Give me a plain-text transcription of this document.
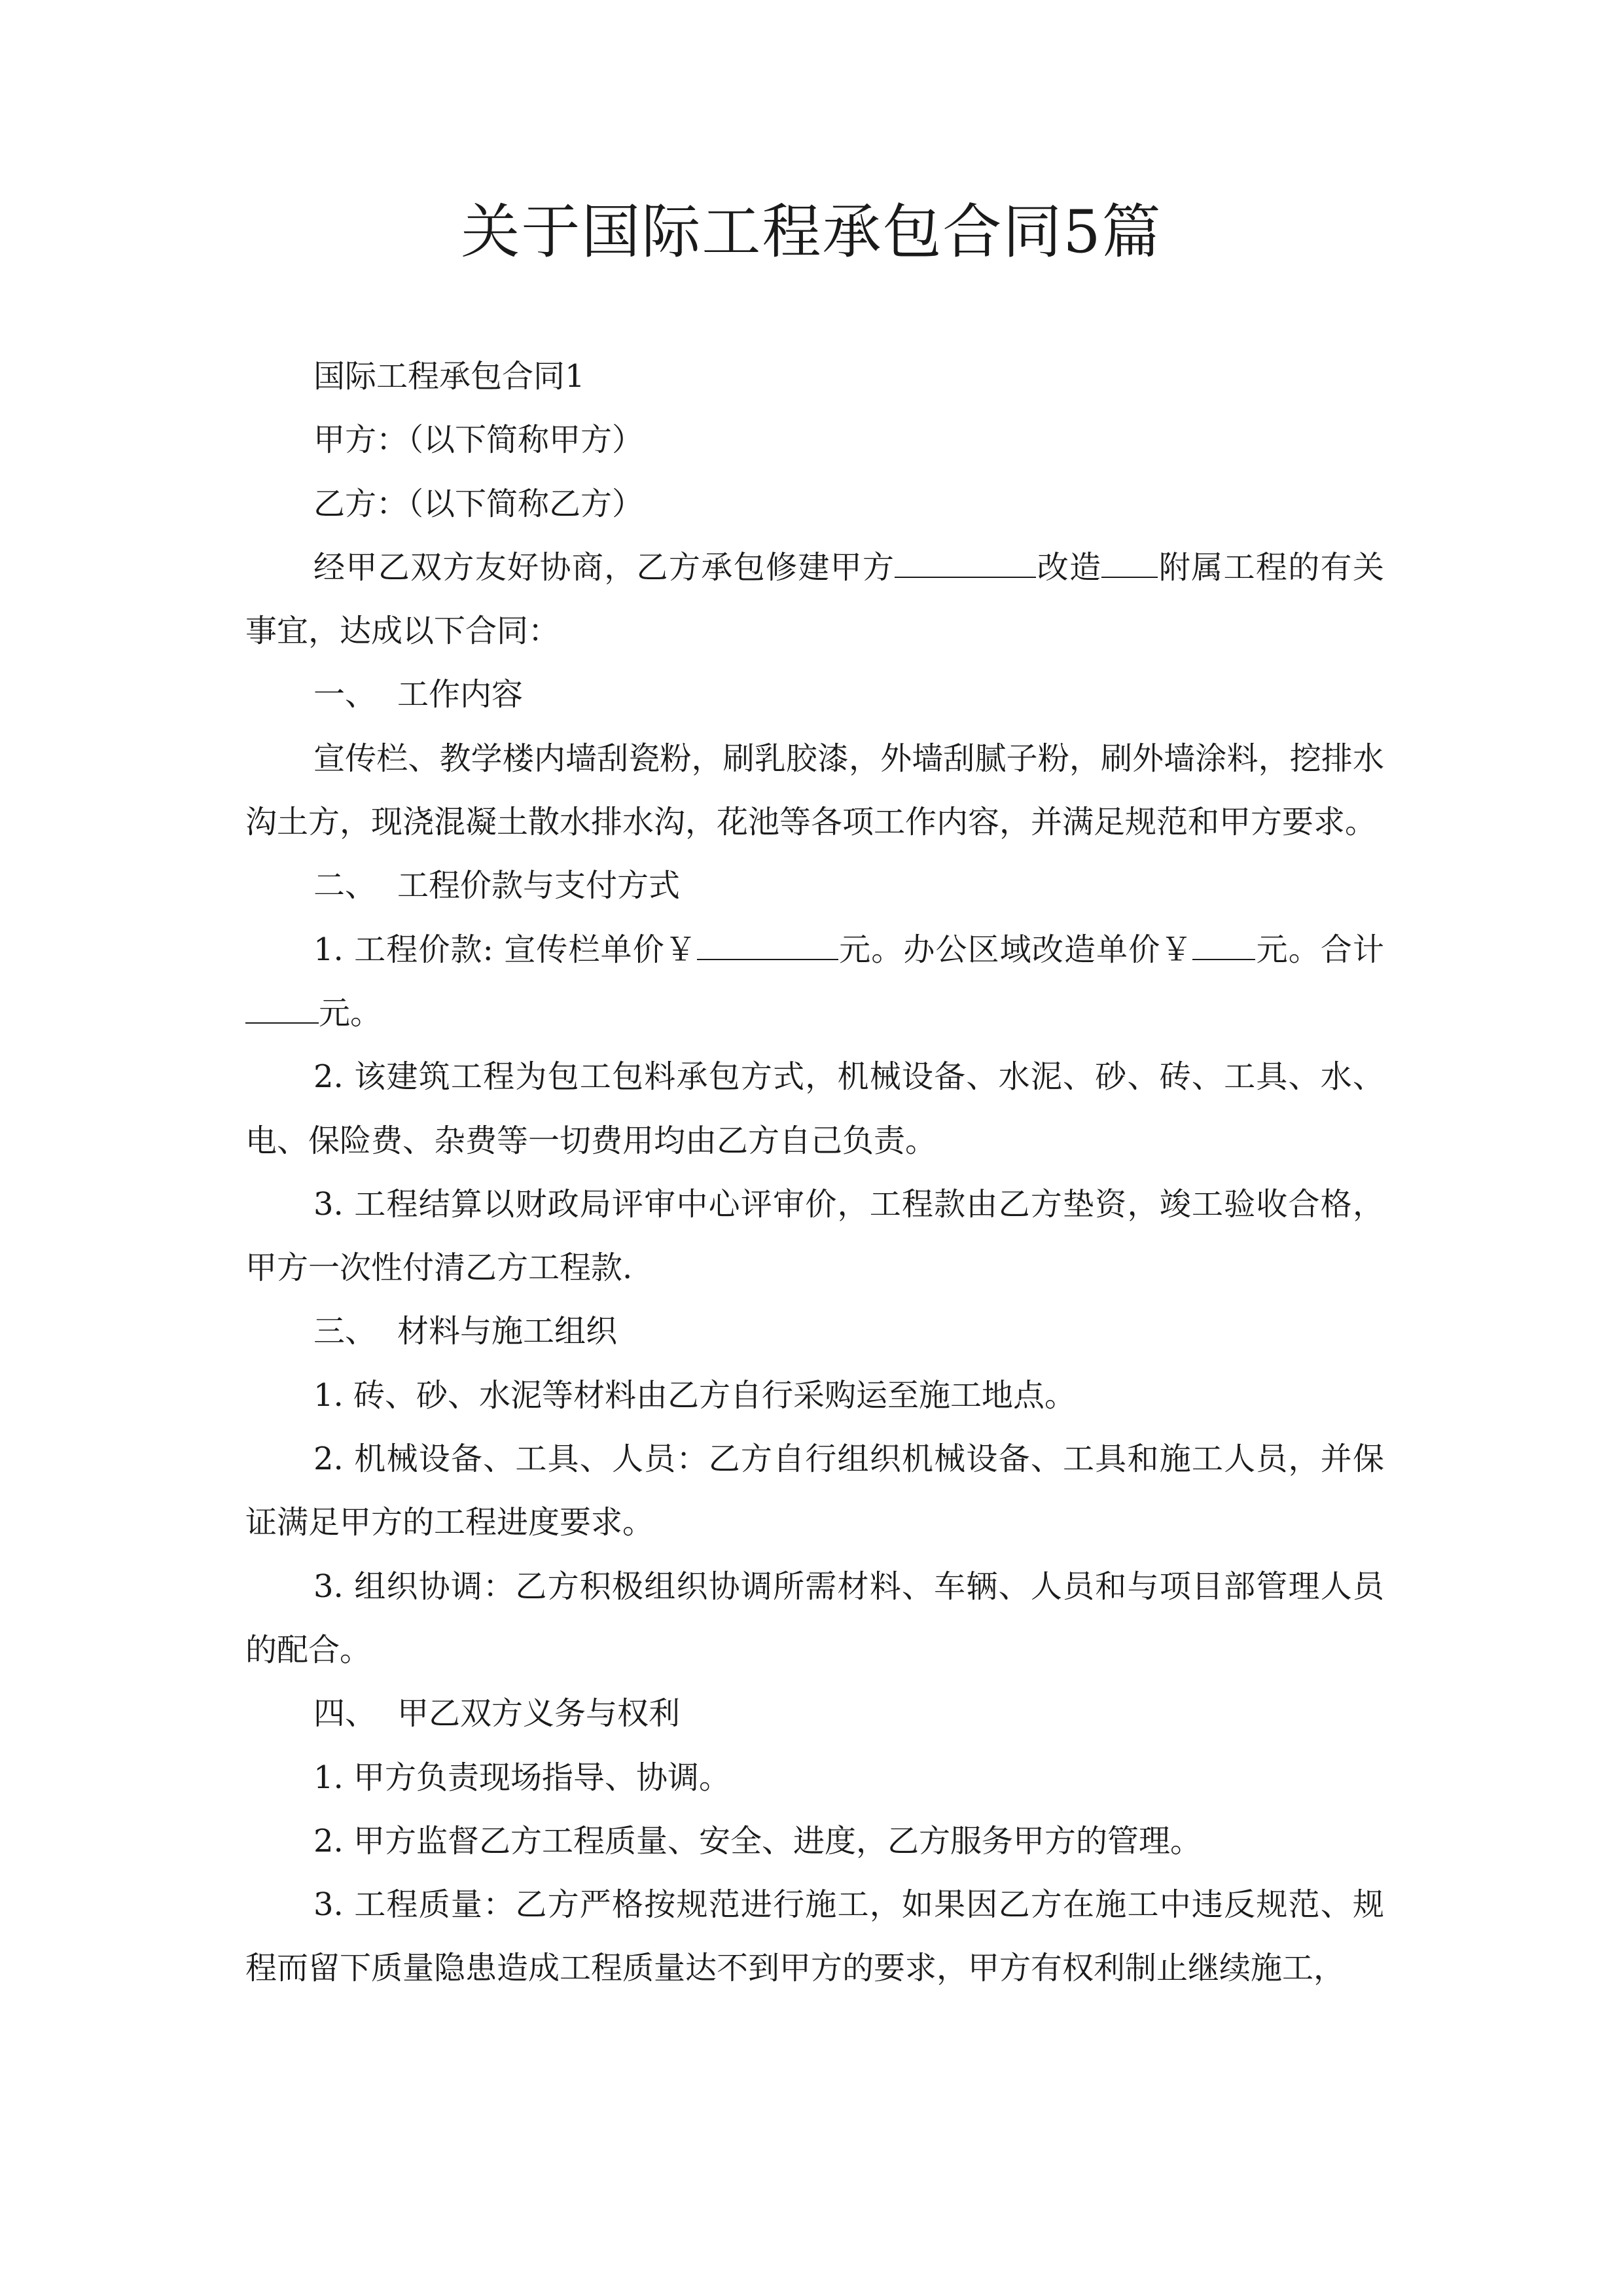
关于国际工程承包合同5篇

国际工程承包合同1

甲方：（以下简称甲方）

乙方：（以下简称乙方）

经甲乙双方友好协商，乙方承包修建甲方	改造 附属工程的有关事宜，达成以下合同：

一、 工作内容

宣传栏、教学楼内墙刮瓷粉，刷乳胶漆，外墙刮腻子粉，刷外墙涂料，挖排水沟土方，现浇混凝土散水排水沟，花池等各项工作内容，并满足规范和甲方要求。

二、 工程价款与支付方式

1. 工程价款: 宣传栏单价￥	元。办公区域改造单价￥ 元。合计元。

2. 该建筑工程为包工包料承包方式，机械设备、水泥、砂、砖、工具、水、电、保险费、杂费等一切费用均由乙方自己负责。

3. 工程结算以财政局评审中心评审价，工程款由乙方垫资，竣工验收合格，甲方一次性付清乙方工程款.

三、 材料与施工组织

1. 砖、砂、水泥等材料由乙方自行采购运至施工地点。

2. 机械设备、工具、人员：乙方自行组织机械设备、工具和施工人员，并保证满足甲方的工程进度要求。

3. 组织协调：乙方积极组织协调所需材料、车辆、人员和与项目部管理人员的配合。

四、 甲乙双方义务与权利

1. 甲方负责现场指导、协调。

2. 甲方监督乙方工程质量、安全、进度，乙方服务甲方的管理。

3. 工程质量：乙方严格按规范进行施工，如果因乙方在施工中违反规范、规程而留下质量隐患造成工程质量达不到甲方的要求，甲方有权利制止继续施工，
